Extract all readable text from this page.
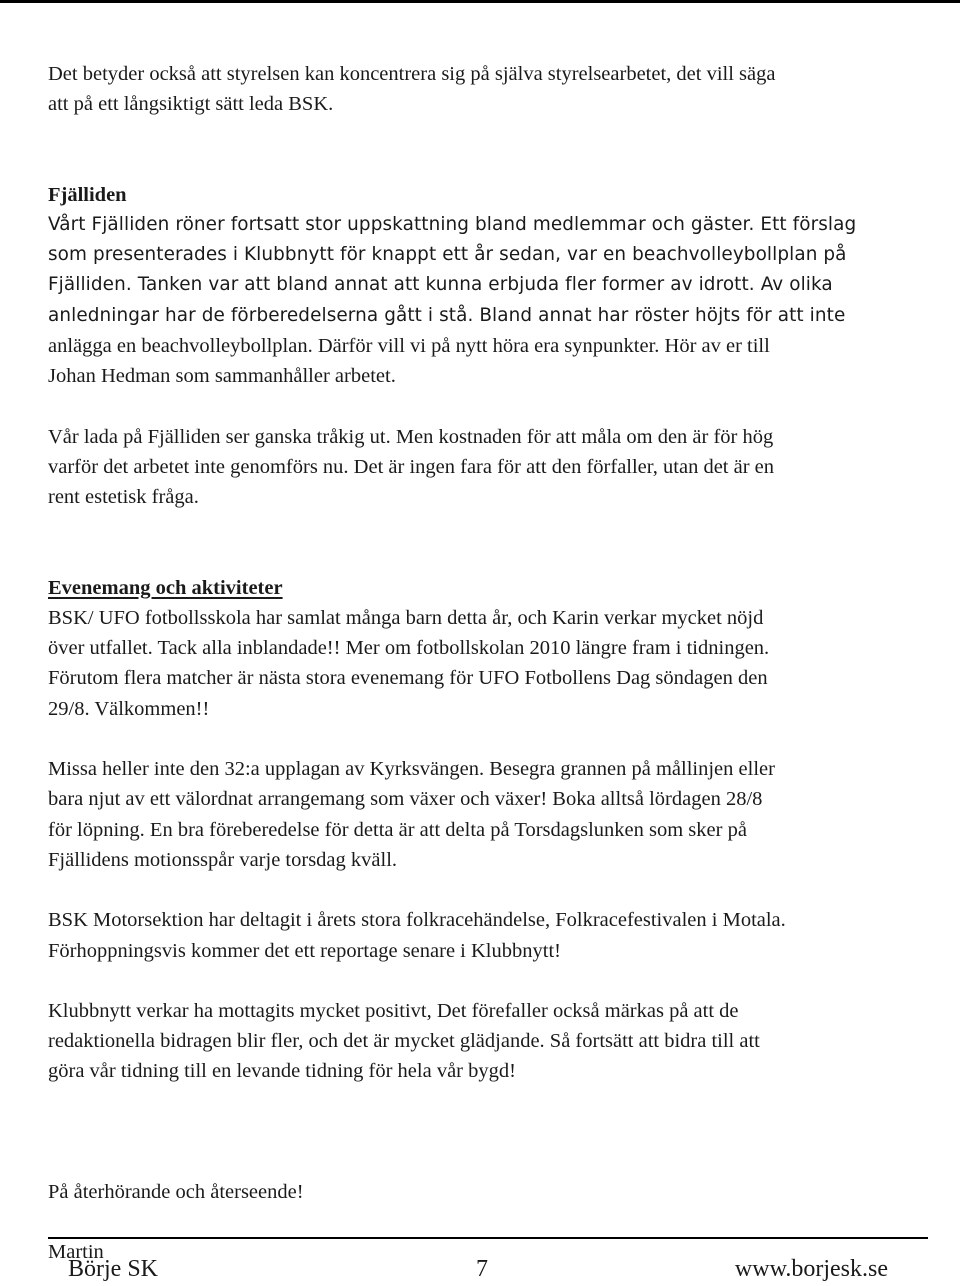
Det betyder också att styrelsen kan koncentrera sig på själva styrelsearbetet, det vill säga

att på ett långsiktigt sätt leda BSK.

Fjälliden

Vårt Fjälliden röner fortsatt stor uppskattning bland medlemmar och gäster. Ett förslag

som presenterades i Klubbnytt för knappt ett år sedan, var en beachvolleybollplan på

Fjälliden. Tanken var att bland annat att kunna erbjuda fler former av idrott. Av olika

anledningar har de förberedelserna gått i stå. Bland annat har röster höjts för att inte

anlägga en beachvolleybollplan. Därför vill vi på nytt höra era synpunkter. Hör av er till

Johan Hedman som sammanhåller arbetet.

Vår lada på Fjälliden ser ganska tråkig ut. Men kostnaden för att måla om den är för hög

varför det arbetet inte genomförs nu. Det är ingen fara för att den förfaller, utan det är en

rent estetisk fråga.

Evenemang och aktiviteter

BSK/ UFO fotbollsskola har samlat många barn detta år, och Karin verkar mycket nöjd

över utfallet. Tack alla inblandade!! Mer om fotbollskolan 2010 längre fram i tidningen.

Förutom flera matcher är nästa stora evenemang för UFO Fotbollens Dag söndagen den

29/8. Välkommen!!

Missa heller inte den 32:a upplagan av Kyrksvängen. Besegra grannen på mållinjen eller

bara njut av ett välordnat arrangemang som växer och växer! Boka alltså lördagen 28/8

för löpning. En bra föreberedelse för detta är att delta på Torsdagslunken som sker på

Fjällidens motionsspår varje torsdag kväll.

BSK Motorsektion har deltagit i årets stora folkracehändelse, Folkracefestivalen i Motala.

Förhoppningsvis kommer det ett reportage senare i Klubbnytt!

Klubbnytt verkar ha mottagits mycket positivt, Det förefaller också märkas på att de

redaktionella bidragen blir fler, och det är mycket glädjande. Så fortsätt att bidra till att

göra vår tidning till en levande tidning för hela vår bygd!

På återhörande och återseende!

Martin

Börje SK	7	www.borjesk.se
